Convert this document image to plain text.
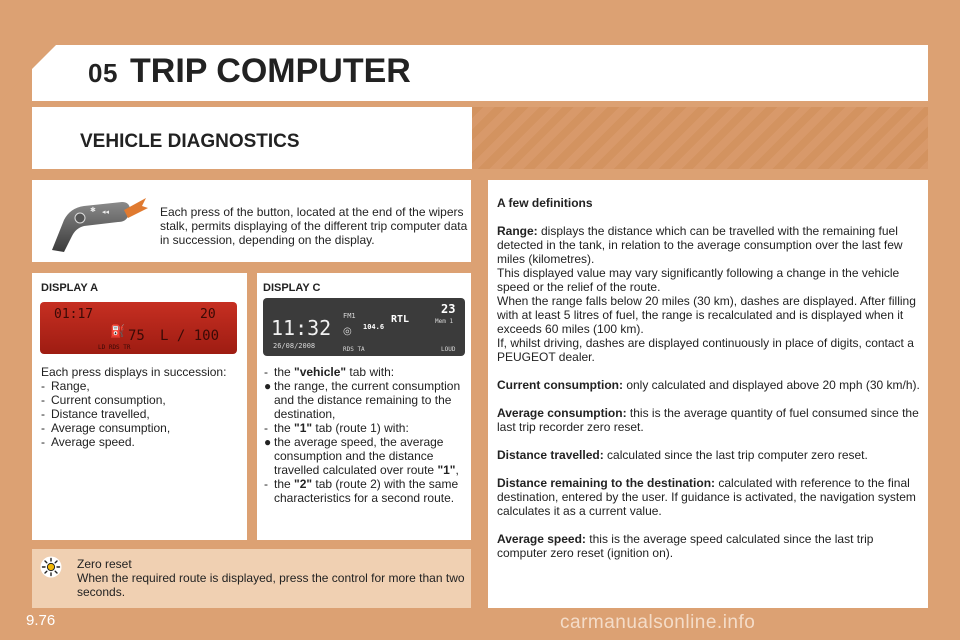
05 TRIP COMPUTER
VEHICLE DIAGNOSTICS
✱ ◂◂	Each press of the button, located at the end of the wipers stalk, permits displaying of the different trip computer data in succession, depending on the display.
DISPLAY A
01:17	20
⛽ 75 L / 100
LD RDS TR
Each press displays in succession:
- Range,
- Current consumption,
- Distance travelled,
- Average consumption,
- Average speed.
DISPLAY C
11:32
26/08/2008
FM1
◎ 104.6
RTL
23
Mem 1
RDS TA	LOUD
- the "vehicle" tab with:
● the range, the current consumption and the distance remaining to the destination,
- the "1" tab (route 1) with:
● the average speed, the average consumption and the distance travelled calculated over route "1",
- the "2" tab (route 2) with the same characteristics for a second route.

A few definitions

Range: displays the distance which can be travelled with the remaining fuel detected in the tank, in relation to the average consumption over the last few miles (kilometres).
This displayed value may vary significantly following a change in the vehicle speed or the relief of the route.
When the range falls below 20 miles (30 km), dashes are displayed. After filling with at least 5 litres of fuel, the range is recalculated and is displayed when it exceeds 60 miles (100 km).
If, whilst driving, dashes are displayed continuously in place of digits, contact a PEUGEOT dealer.

Current consumption: only calculated and displayed above 20 mph (30 km/h).

Average consumption: this is the average quantity of fuel consumed since the last trip recorder zero reset.

Distance travelled: calculated since the last trip computer zero reset.

Distance remaining to the destination: calculated with reference to the final destination, entered by the user. If guidance is activated, the navigation system calculates it as a current value.

Average speed: this is the average speed calculated since the last trip computer zero reset (ignition on).

Zero reset
When the required route is displayed, press the control for more than two seconds.
9.76	carmanualsonline.info
